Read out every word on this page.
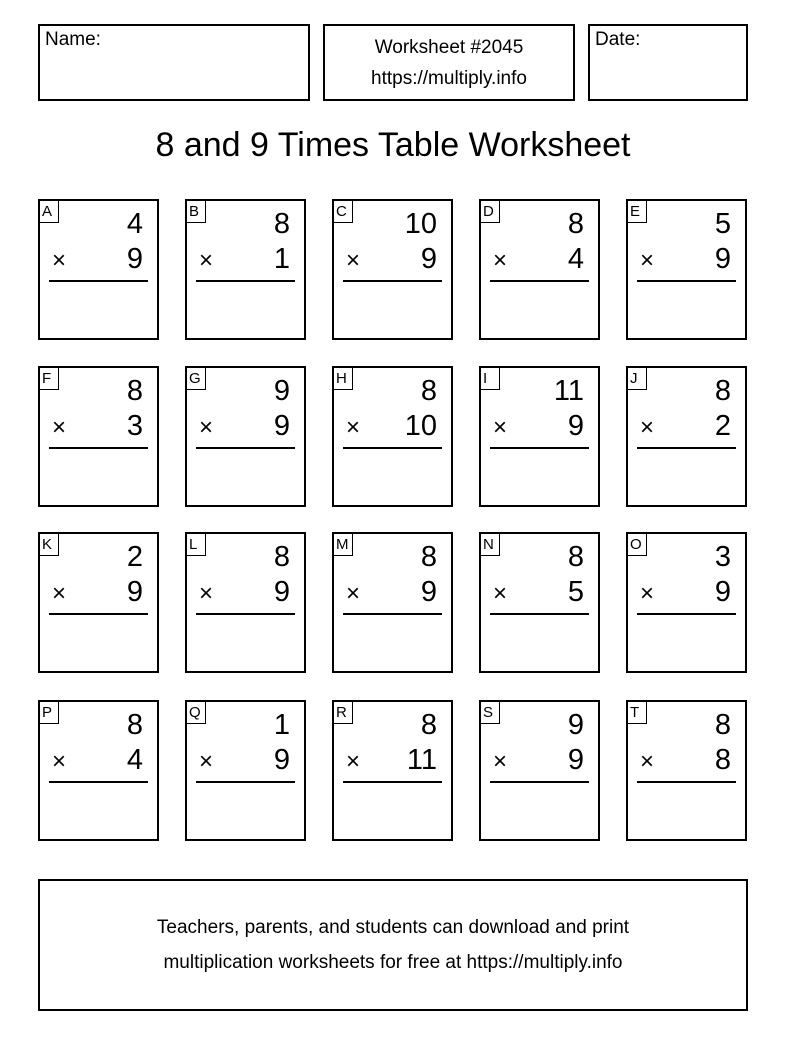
Name:	Worksheet #2045
https://multiply.info
Date:
8 and 9 Times Table Worksheet
A	4
× 9
B	8
× 1
C 10
× 9
D	8
× 4
E	5
× 9
F	8
× 3
G	9
× 9
H	8
× 10
I	11
× 9
J	8
× 2
K	2
× 9
L	8
× 9
M 8
× 9
N	8
× 5
O	3
× 9
P	8
× 4
Q	1
× 9
R	8
× 11
S	9
× 9
T	8
× 8
Teachers, parents, and students can download and print
multiplication worksheets for free at https://multiply.info
